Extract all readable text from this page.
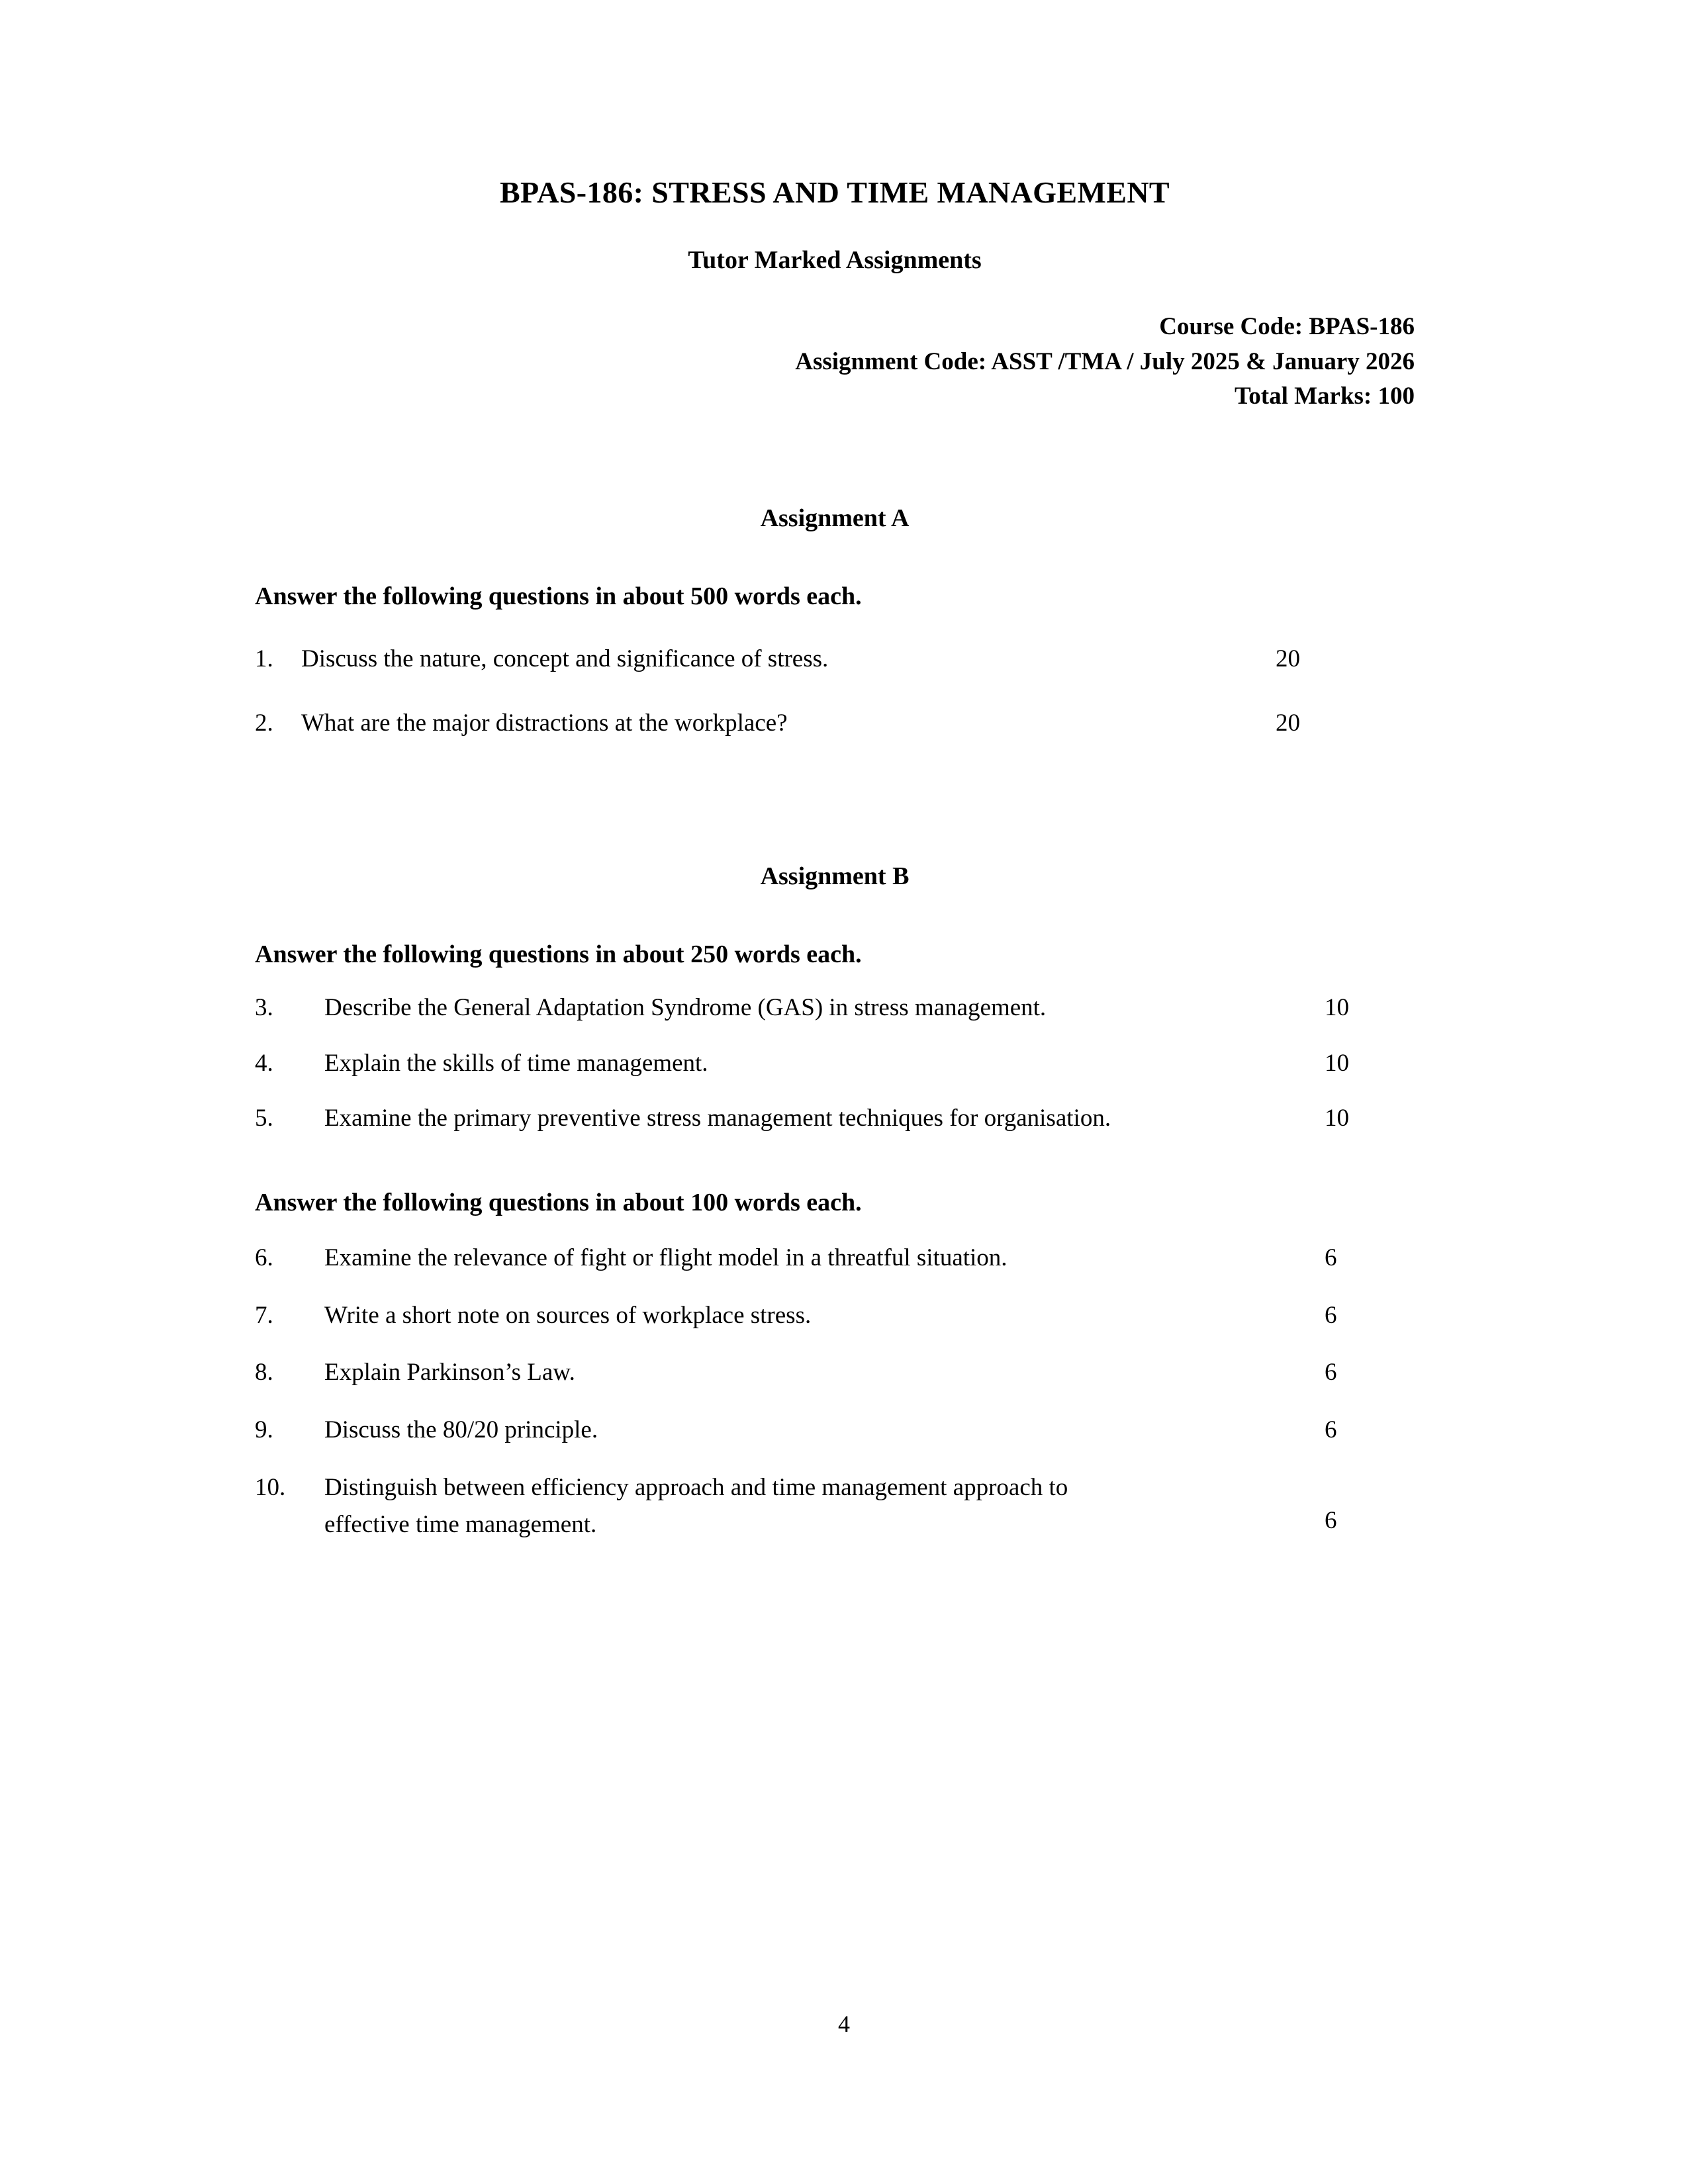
BPAS-186: STRESS AND TIME MANAGEMENT
Tutor Marked Assignments
Course Code: BPAS-186
Assignment Code: ASST /TMA / July 2025 & January 2026
Total Marks: 100
Assignment A
Answer the following questions in about 500 words each.
1.	Discuss the nature, concept and significance of stress.	20
2.	What are the major distractions at the workplace?	20
Assignment B
Answer the following questions in about 250 words each.
3.	Describe the General Adaptation Syndrome (GAS) in stress management.	10
4.	Explain the skills of time management.	10
5.	Examine the primary preventive stress management techniques for organisation.	10
Answer the following questions in about 100 words each.
6.	Examine the relevance of fight or flight model in a threatful situation.	6
7.	Write a short note on sources of workplace stress.	6
8.	Explain Parkinson’s Law.	6
9.	Discuss the 80/20 principle.	6
10.	Distinguish between efficiency approach and time management approach to
effective time management.	6
4
